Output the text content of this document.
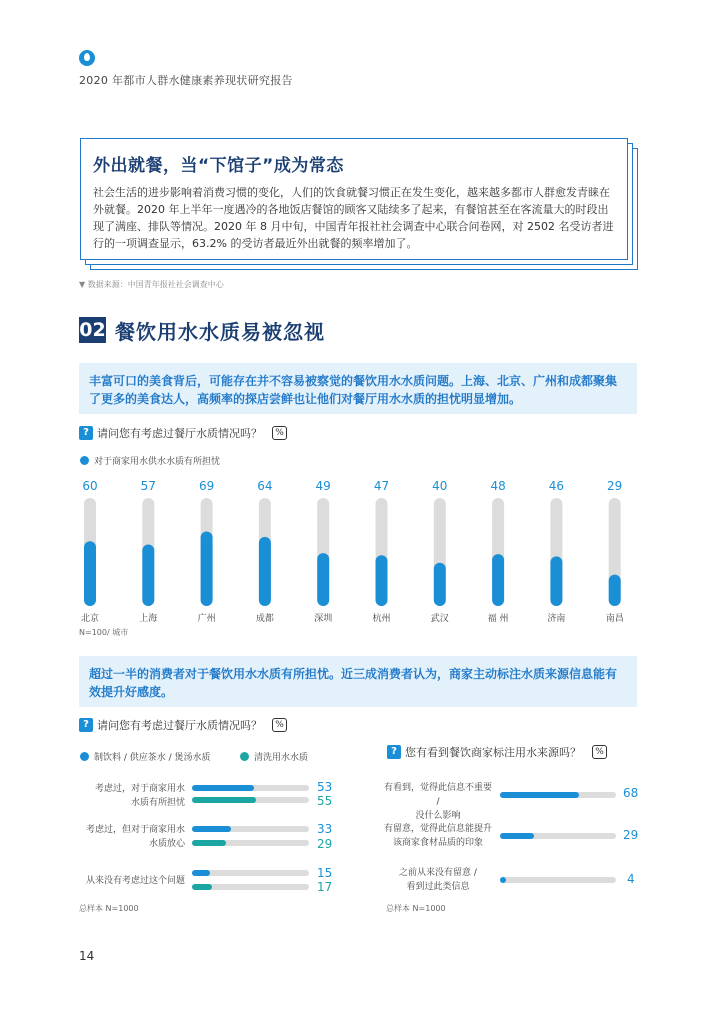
2020 年都市人群水健康素养现状研究报告
外出就餐，当“下馆子”成为常态
社会生活的进步影响着消费习惯的变化，人们的饮食就餐习惯正在发生变化，越来越多都市人群愈发青睐在外就餐。2020 年上半年一度遇冷的各地饭店餐馆的顾客又陆续多了起来，有餐馆甚至在客流量大的时段出现了满座、排队等情况。2020 年 8 月中旬，中国青年报社社会调查中心联合问卷网，对 2502 名受访者进行的一项调查显示，63.2% 的受访者最近外出就餐的频率增加了。
▼ 数据来源：中国青年报社社会调查中心
02 餐饮用水水质易被忽视
丰富可口的美食背后，可能存在并不容易被察觉的餐饮用水水质问题。上海、北京、广州和成都聚集了更多的美食达人，高频率的探店尝鲜也让他们对餐厅用水水质的担忧明显增加。
? 请问您有考虑过餐厅水质情况吗？	%
对于商家用水供水水质有所担忧
60
北京
57
上海
69
广州
64
成都
49
深圳
47
杭州
40
武汉
48
福 州
46
济南
29
南昌
N=100/ 城市
超过一半的消费者对于餐饮用水水质有所担忧。近三成消费者认为，商家主动标注水质来源信息能有效提升好感度。
? 请问您有考虑过餐厅水质情况吗？	%
制饮料 / 供应茶水 / 煲汤水质	清洗用水水质
考虑过，对于商家用水
水质有所担忧
53
55
考虑过，但对于商家用水
水质放心
33
29
从来没有考虑过这个问题
15
17
总样本 N=1000
? 您有看到餐饮商家标注用水来源吗？	%
有看到，觉得此信息不重要 /
没什么影响
68
有留意，觉得此信息能提升
该商家食材品质的印象
29
之前从来没有留意 /
看到过此类信息
4
总样本 N=1000
14
